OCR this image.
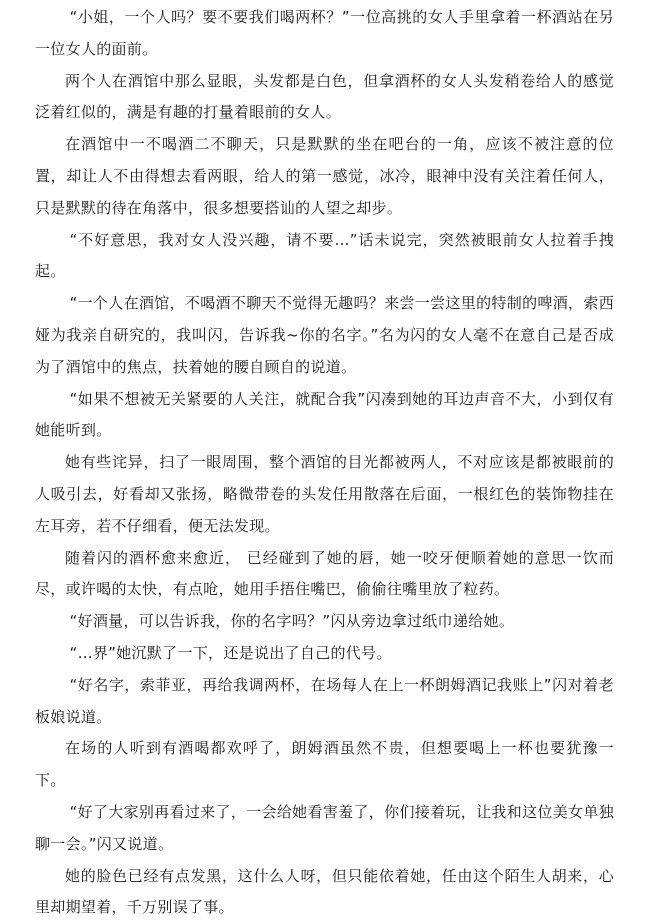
“小姐，一个人吗？要不要我们喝两杯？”一位高挑的女人手里拿着一杯酒站在另一位女人的面前。

两个人在酒馆中那么显眼，头发都是白色，但拿酒杯的女人头发稍卷给人的感觉泛着红似的，满是有趣的打量着眼前的女人。

在酒馆中一不喝酒二不聊天，只是默默的坐在吧台的一角，应该不被注意的位置，却让人不由得想去看两眼，给人的第一感觉，冰冷，眼神中没有关注着任何人，只是默默的待在角落中，很多想要搭讪的人望之却步。

“不好意思，我对女人没兴趣，请不要…”话未说完，突然被眼前女人拉着手拽起。

“一个人在酒馆，不喝酒不聊天不觉得无趣吗？来尝一尝这里的特制的啤酒，索西娅为我亲自研究的，我叫闪，告诉我~你的名字。”名为闪的女人毫不在意自己是否成为了酒馆中的焦点，扶着她的腰自顾自的说道。

“如果不想被无关紧要的人关注，就配合我”闪凑到她的耳边声音不大，小到仅有她能听到。

她有些诧异，扫了一眼周围，整个酒馆的目光都被两人，不对应该是都被眼前的人吸引去，好看却又张扬，略微带卷的头发任用散落在后面，一根红色的装饰物挂在左耳旁，若不仔细看，便无法发现。

随着闪的酒杯愈来愈近， 已经碰到了她的唇，她一咬牙便顺着她的意思一饮而尽，或许喝的太快，有点呛，她用手捂住嘴巴，偷偷往嘴里放了粒药。

“好酒量，可以告诉我，你的名字吗？”闪从旁边拿过纸巾递给她。

“…界”她沉默了一下，还是说出了自己的代号。

“好名字，索菲亚，再给我调两杯，在场每人在上一杯朗姆酒记我账上”闪对着老板娘说道。

在场的人听到有酒喝都欢呼了，朗姆酒虽然不贵，但想要喝上一杯也要犹豫一下。

“好了大家别再看过来了，一会给她看害羞了，你们接着玩，让我和这位美女单独聊一会。”闪又说道。

她的脸色已经有点发黑，这什么人呀，但只能依着她，任由这个陌生人胡来，心里却期望着，千万别误了事。
